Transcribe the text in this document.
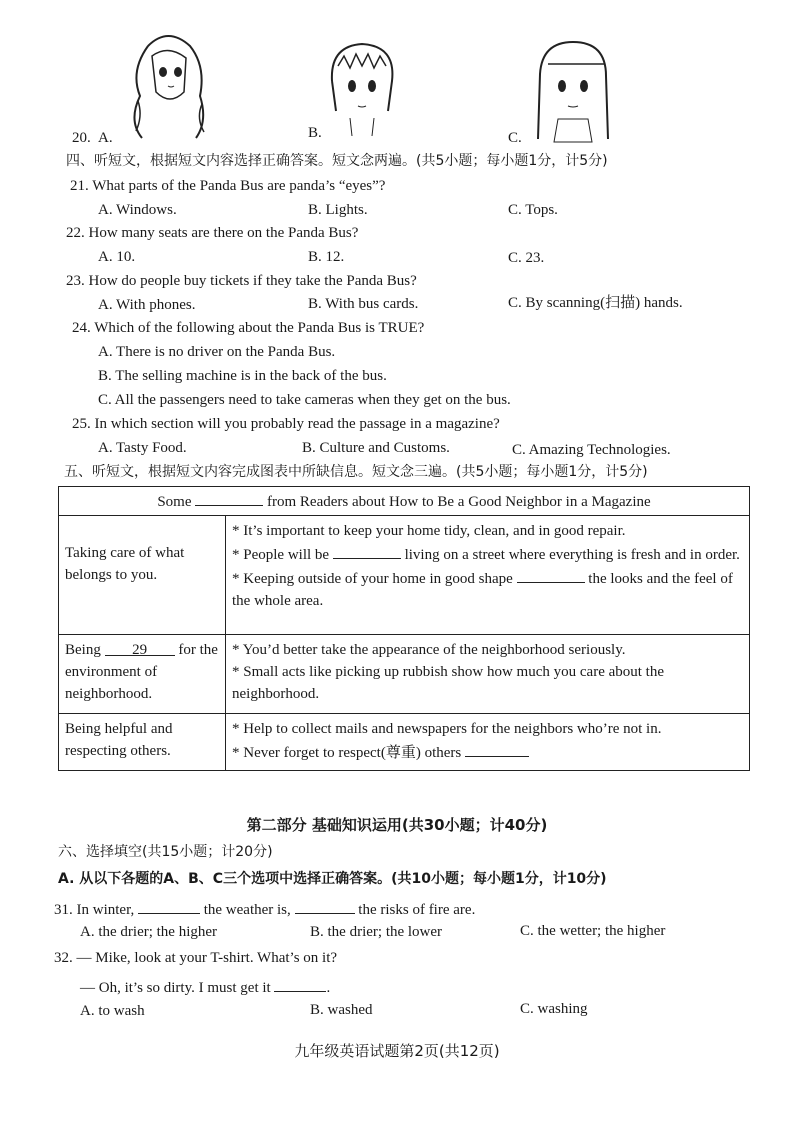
20. A.	B.	C.
四、听短文，根据短文内容选择正确答案。短文念两遍。(共5小题；每小题1分，计5分)
21. What parts of the Panda Bus are panda’s “eyes”?
A. Windows.	B. Lights.	C. Tops.
22. How many seats are there on the Panda Bus?
A. 10.	B. 12.	C. 23.
23. How do people buy tickets if they take the Panda Bus?
A. With phones.	B. With bus cards.	C. By scanning(扫描) hands.
24. Which of the following about the Panda Bus is TRUE?
A. There is no driver on the Panda Bus.
B. The selling machine is in the back of the bus.
C. All the passengers need to take cameras when they get on the bus.
25. In which section will you probably read the passage in a magazine?
A. Tasty Food.	B. Culture and Customs.	C. Amazing Technologies.
五、听短文，根据短文内容完成图表中所缺信息。短文念三遍。(共5小题；每小题1分，计5分)
Some from Readers about How to Be a Good Neighbor in a Magazine	
Taking care of what belongs to you.	* It’s important to keep your home tidy, clean, and in good repair.
* People will be living on a street where everything is fresh and in order.
* Keeping outside of your home in good shape the looks and the feel of the whole area.

Being 29 for the environment of neighborhood.	* You’d better take the appearance of the neighborhood seriously.
* Small acts like picking up rubbish show how much you care about the neighborhood.

Being helpful and respecting others.	* Help to collect mails and newspapers for the neighbors who’re not in.
* Never forget to respect(尊重) others
第二部分 基础知识运用(共30小题；计40分)
六、选择填空(共15小题；计20分)
A. 从以下各题的A、B、C三个选项中选择正确答案。(共10小题；每小题1分，计10分)
31. In winter,	the weather is,	the risks of fire are.
A. the drier; the higher	B. the drier; the lower	C. the wetter; the higher
32. — Mike, look at your T-shirt. What’s on it?
— Oh, it’s so dirty. I must get it	.
A. to wash	B. washed	C. washing
九年级英语试题第2页(共12页)
